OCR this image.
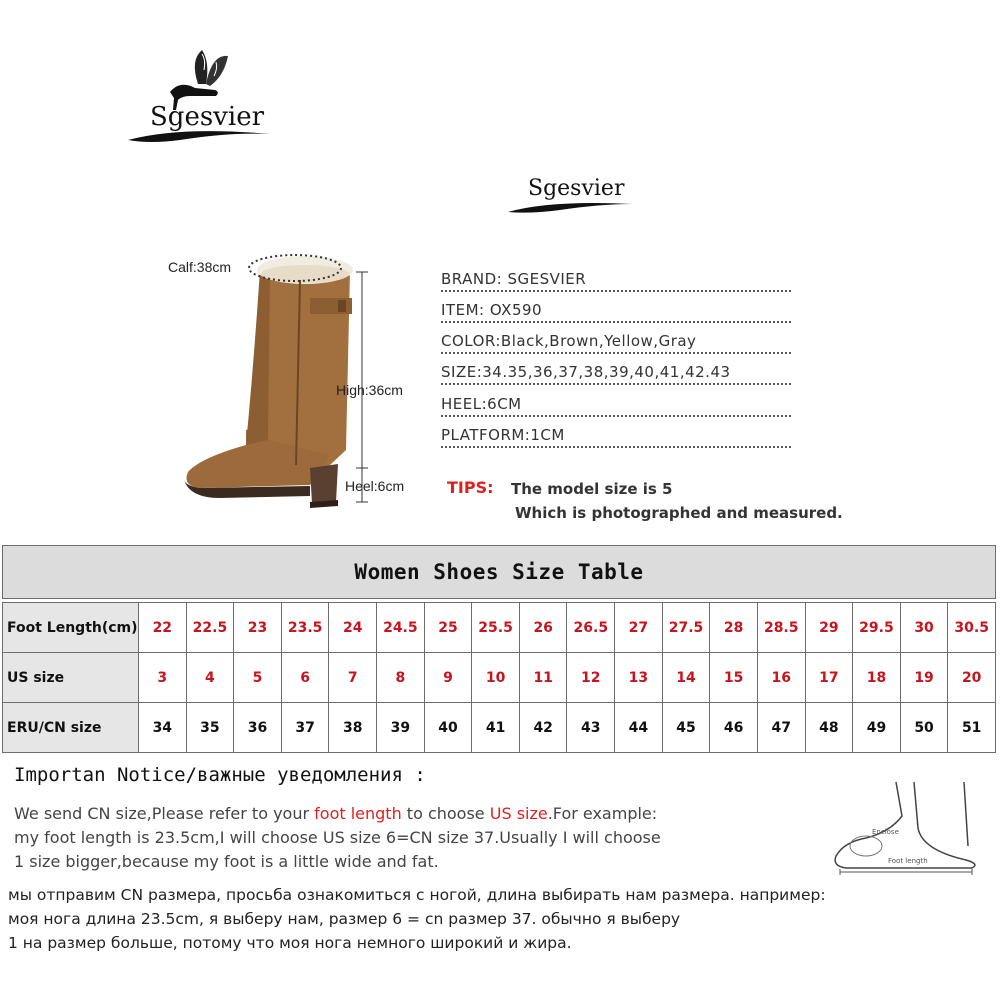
Sgesvier
Sgesvier
Calf:38cm
High:36cm
Heel:6cm
BRAND: SGESVIER
ITEM: OX590
COLOR:Black,Brown,Yellow,Gray
SIZE:34.35,36,37,38,39,40,41,42.43
HEEL:6CM
PLATFORM:1CM
TIPS: The model size is 5
Which is photographed and measured.
Women Shoes Size Table																		

Foot Length(cm)	22	22.5	23	23.5	24	24.5	25	25.5	26	26.5	27	27.5	28	28.5	29	29.5	30	30.5
US size	3	4	5	6	7	8	9	10	11	12	13	14	15	16	17	18	19	20
ERU/CN size	34	35	36	37	38	39	40	41	42	43	44	45	46	47	48	49	50	51
Importan Notice/важные уведомления :
We send CN size,Please refer to your foot length to choose US size.For example:
my foot length is 23.5cm,I will choose US size 6=CN size 37.Usually I will choose
1 size bigger,because my foot is a little wide and fat.
мы отправим CN размера, просьба ознакомиться с ногой, длина выбирать нам размера. например:
моя нога длина 23.5cm, я выберу нам, размер 6 = cn размер 37. обычно я выберу
1 на размер больше, потому что моя нога немного широкий и жира.
Enclose
Foot length
